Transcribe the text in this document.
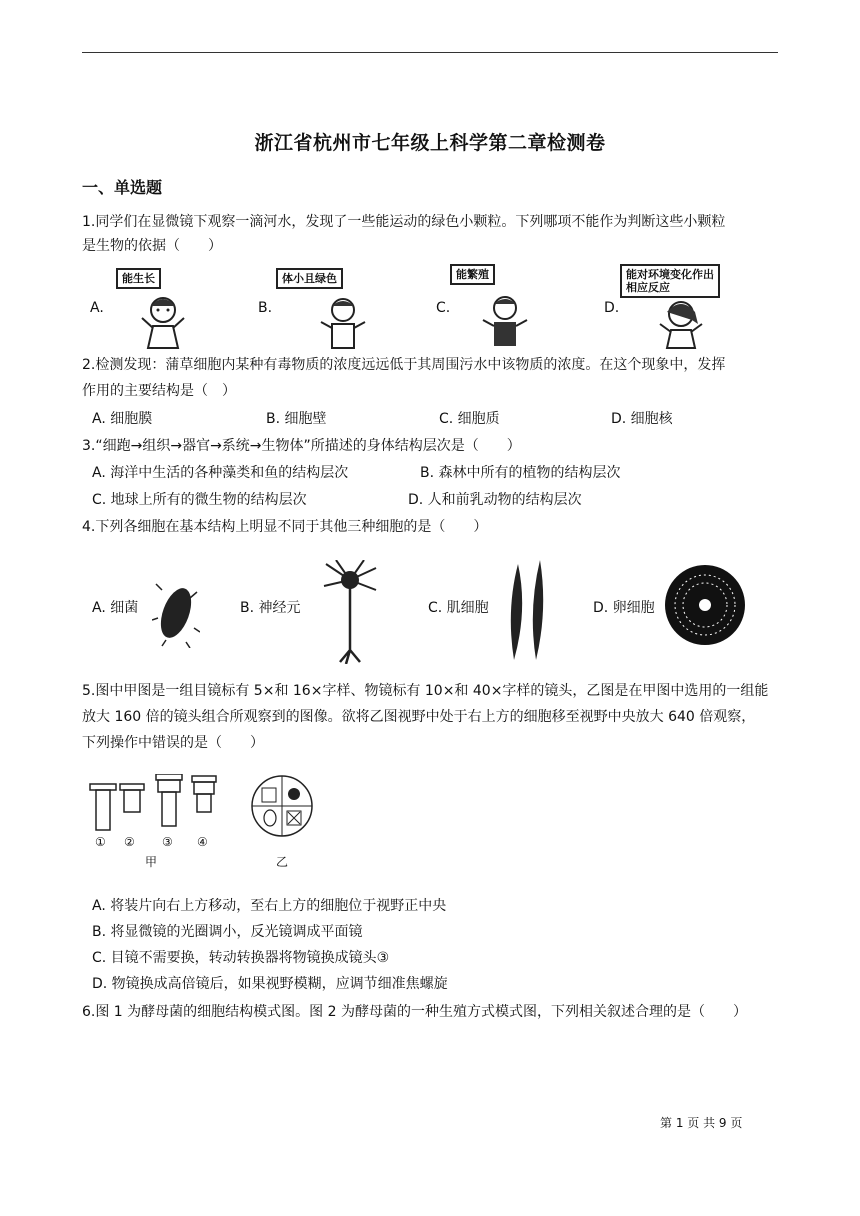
浙江省杭州市七年级上科学第二章检测卷
一、单选题
1.同学们在显微镜下观察一滴河水，发现了一些能运动的绿色小颗粒。下列哪项不能作为判断这些小颗粒
是生物的依据（　　）
A.
能生长
B.
体小且绿色
C.
能繁殖
D.
能对环境变化作出相应反应
2.检测发现：蒲草细胞内某种有毒物质的浓度远远低于其周围污水中该物质的浓度。在这个现象中，发挥
作用的主要结构是（　）
A. 细胞膜	B. 细胞壁	C. 细胞质	D. 细胞核
3.“细跑→组织→器官→系统→生物体”所描述的身体结构层次是（　　）
A. 海洋中生活的各种藻类和鱼的结构层次	B. 森林中所有的植物的结构层次
C. 地球上所有的微生物的结构层次	D. 人和前乳动物的结构层次
4.下列各细胞在基本结构上明显不同于其他三种细胞的是（　　）
A. 细菌	B. 神经元	C. 肌细胞	D. 卵细胞
5.图中甲图是一组目镜标有 5×和 16×字样、物镜标有 10×和 40×字样的镜头，乙图是在甲图中选用的一组能
放大 160 倍的镜头组合所观察到的图像。欲将乙图视野中处于右上方的细胞移至视野中央放大 640 倍观察，
下列操作中错误的是（　　）
① ② ③ ④
甲	乙
A. 将装片向右上方移动，至右上方的细胞位于视野正中央
B. 将显微镜的光圈调小，反光镜调成平面镜
C. 目镜不需要换，转动转换器将物镜换成镜头③
D. 物镜换成高倍镜后，如果视野模糊，应调节细准焦螺旋
6.图 1 为酵母菌的细胞结构模式图。图 2 为酵母菌的一种生殖方式模式图，下列相关叙述合理的是（　　）
第 1 页 共 9 页
